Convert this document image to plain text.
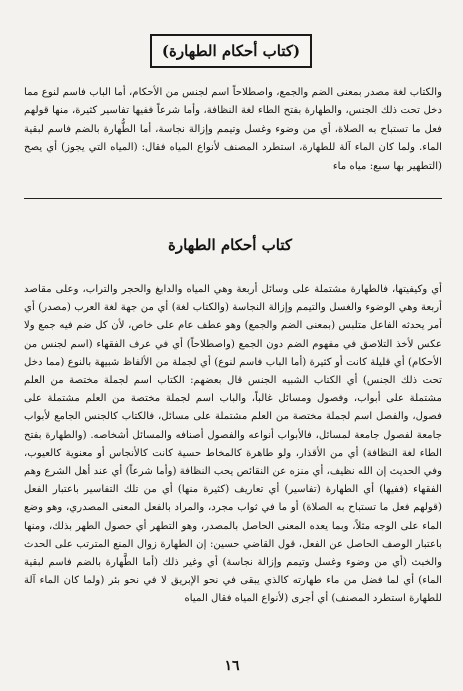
(كتاب أحكام الطهارة)

والكتاب لغة مصدر بمعنى الضم والجمع، واصطلاحاً اسم لجنس من الأحكام، أما الباب فاسم لنوع مما دخل تحت ذلك الجنس، والطهارة بفتح الطاء لغة النظافة، وأما شرعاً ففيها تفاسير كثيرة، منها قولهم فعل ما تستباح به الصلاة، أي من وضوء وغسل وتيمم وإزالة نجاسة، أما الطُّهارة بالضم فاسم لبقية الماء. ولما كان الماء آلة للطهارة، استطرد المصنف لأنواع المياه فقال: (المياه التي يجوز) أي يصح (التطهير بها سبع: مياه ماء

كتاب أحكام الطهارة

أي وكيفيتها، فالطهارة مشتملة على وسائل أربعة وهي المياه والدابغ والحجر والتراب، وعلى مقاصد أربعة وهي الوضوء والغسل والتيمم وإزالة النجاسة (والكتاب لغة) أي من جهة لغة العرب (مصدر) أي أمر يحدثه الفاعل متلبس (بمعنى الضم والجمع) وهو عطف عام على خاص، لأن كل ضم فيه جمع ولا عكس لأخذ التلاصق في مفهوم الضم دون الجمع (واصطلاحاً) أي في عرف الفقهاء (اسم لجنس من الأحكام) أي قليلة كانت أو كثيرة (أما الباب فاسم لنوع) أي لجملة من الألفاظ شبيهة بالنوع (مما دخل تحت ذلك الجنس) أي الكتاب الشبيه الجنس قال بعضهم: الكتاب اسم لجملة مختصة من العلم مشتملة على أبواب، وفصول ومسائل غالباً، والباب اسم لجملة مختصة من العلم مشتملة على فصول، والفصل اسم لجملة مختصة من العلم مشتملة على مسائل، فالكتاب كالجنس الجامع لأبواب جامعة لفصول جامعة لمسائل، فالأبواب أنواعه والفصول أصنافه والمسائل أشخاصه. (والطهارة بفتح الطاء لغة النظافة) أي من الأقذار، ولو طاهرة كالمخاط حسية كانت كالأنجاس أو معنوية كالعيوب، وفي الحديث إن الله نظيف، أي منزه عن النقائص يحب النظافة (وأما شرعاً) أي عند أهل الشرع وهم الفقهاء (ففيها) أي الطهارة (تفاسير) أي تعاريف (كثيرة منها) أي من تلك التفاسير باعتبار الفعل (قولهم فعل ما تستباح به الصلاة) أو ما في ثواب مجرد، والمراد بالفعل المعنى المصدري، وهو وضع الماء على الوجه مثلاً، وبما يعده المعنى الحاصل بالمصدر، وهو التطهر أي حصول الطهر بذلك، ومنها باعتبار الوصف الحاصل عن الفعل، قول القاضي حسين: إن الطهارة زوال المنع المترتب على الحدث والخبث (أي من وضوء وغسل وتيمم وإزالة نجاسة) أي وغير ذلك (أما الطَّهارة بالضم فاسم لبقية الماء) أي لما فضل من ماء طهارته كالذي يبقى في نحو الإبريق لا في نحو بئر (ولما كان الماء آلة للطهارة استطرد المصنف) أي أجرى (لأنواع المياه فقال المياه

١٦
